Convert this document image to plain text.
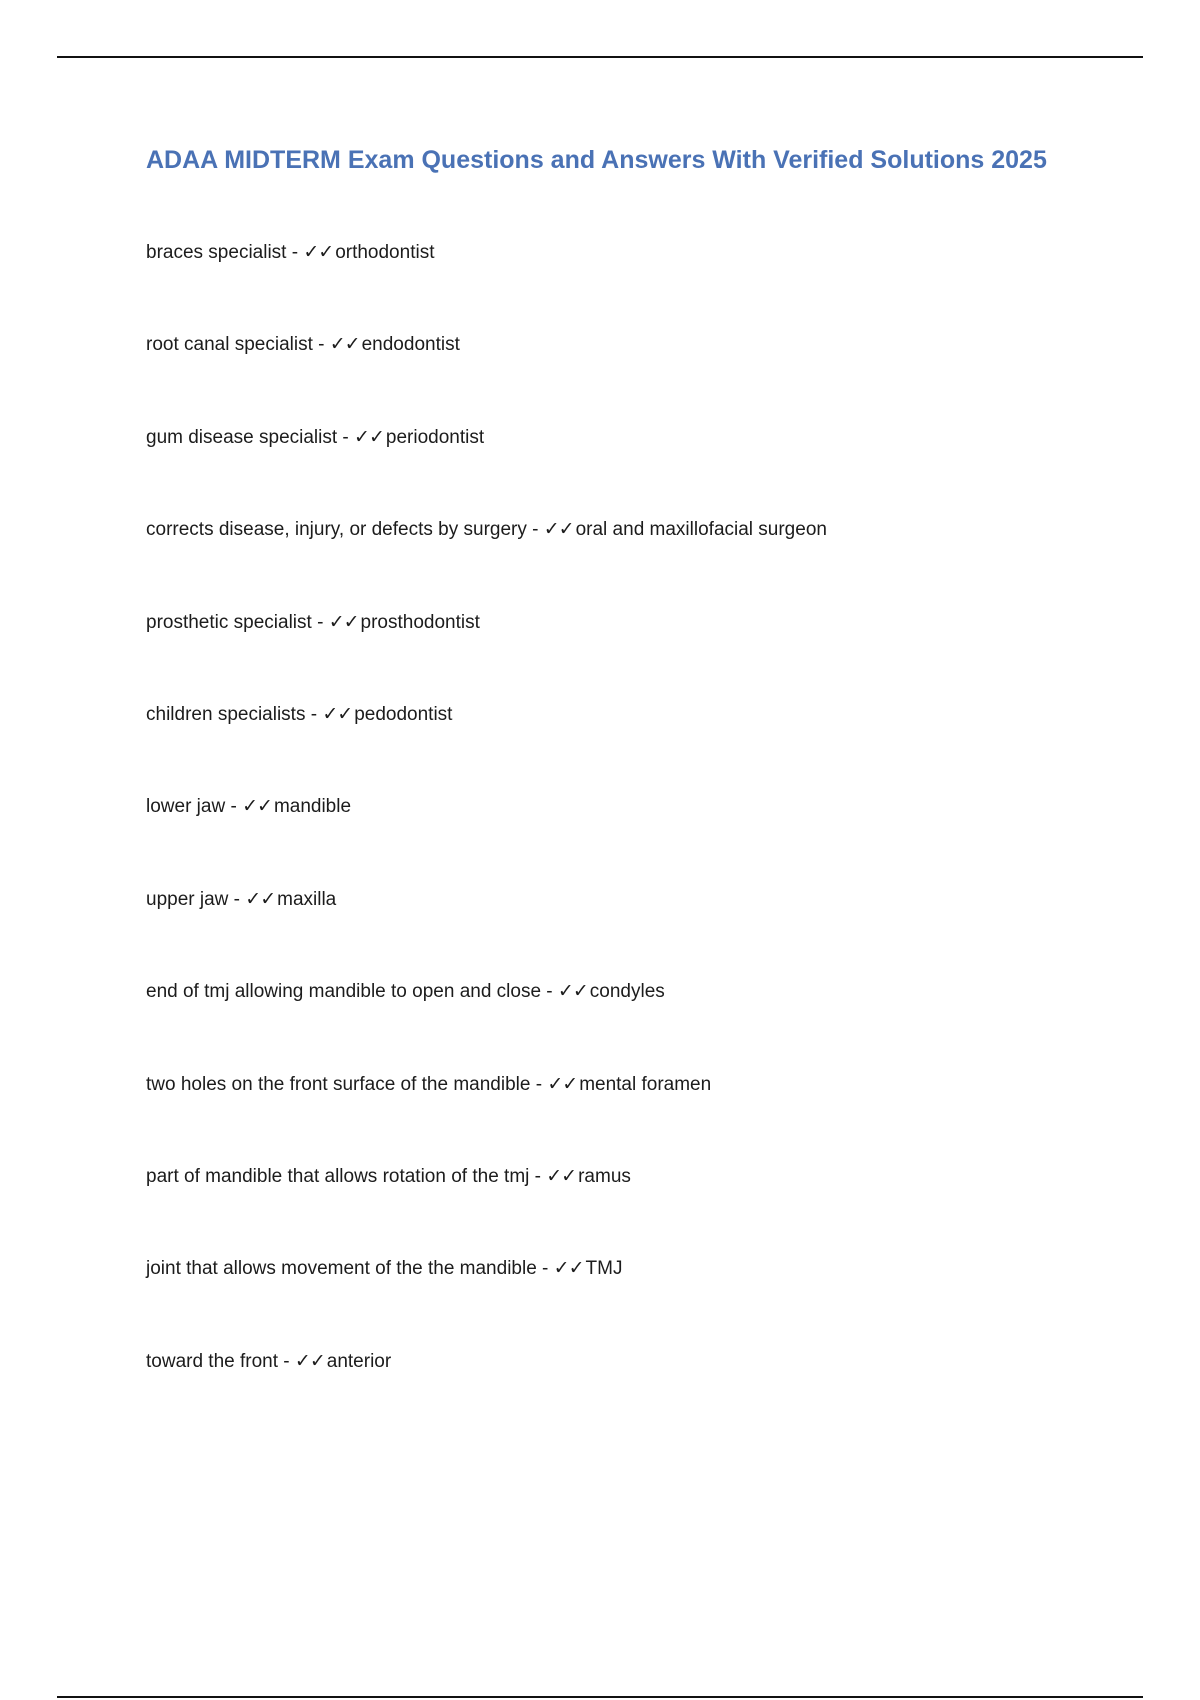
ADAA MIDTERM Exam Questions and Answers With Verified Solutions 2025
braces specialist - ✓✓ orthodontist
root canal specialist - ✓✓ endodontist
gum disease specialist - ✓✓ periodontist
corrects disease, injury, or defects by surgery - ✓✓ oral and maxillofacial surgeon
prosthetic specialist - ✓✓ prosthodontist
children specialists - ✓✓ pedodontist
lower jaw - ✓✓ mandible
upper jaw - ✓✓ maxilla
end of tmj allowing mandible to open and close - ✓✓ condyles
two holes on the front surface of the mandible - ✓✓ mental foramen
part of mandible that allows rotation of the tmj - ✓✓ ramus
joint that allows movement of the the mandible - ✓✓ TMJ
toward the front - ✓✓ anterior
